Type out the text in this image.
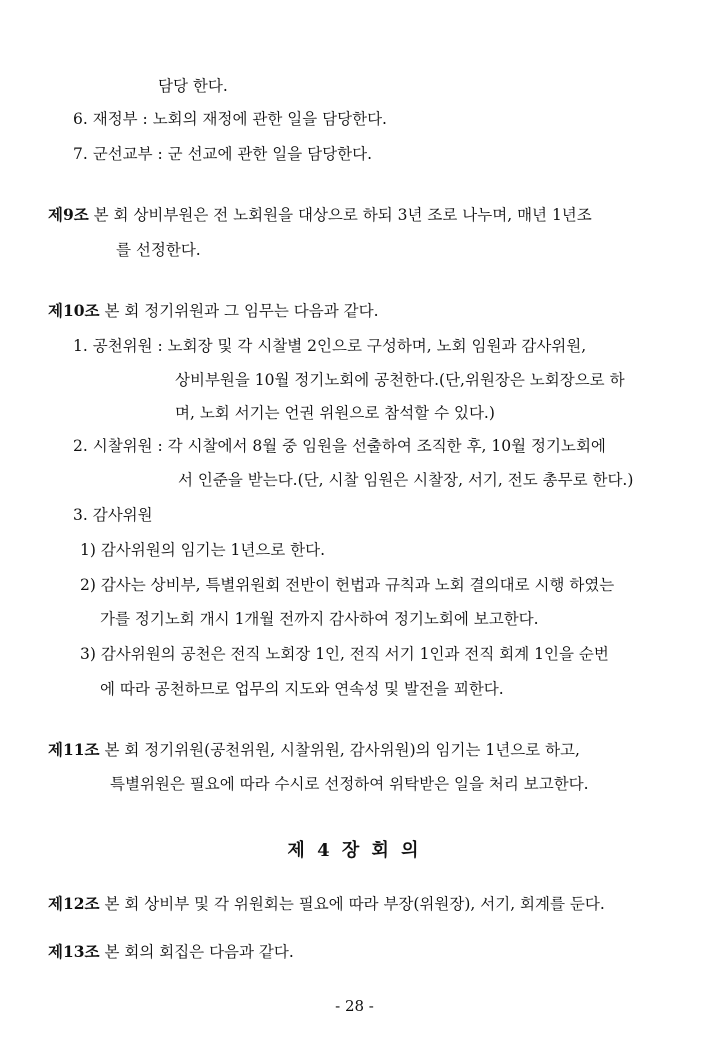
담당 한다.
6. 재정부 : 노회의 재정에 관한 일을 담당한다.
7. 군선교부 : 군 선교에 관한 일을 담당한다.
제9조 본 회 상비부원은 전 노회원을 대상으로 하되 3년 조로 나누며, 매년 1년조
를 선정한다.
제10조 본 회 정기위원과 그 임무는 다음과 같다.
1. 공천위원 : 노회장 및 각 시찰별 2인으로 구성하며, 노회 임원과 감사위원,
상비부원을 10월 정기노회에 공천한다.(단,위원장은 노회장으로 하
며, 노회 서기는 언권 위원으로 참석할 수 있다.)
2. 시찰위원 : 각 시찰에서 8월 중 임원을 선출하여 조직한 후, 10월 정기노회에
서 인준을 받는다.(단, 시찰 임원은 시찰장, 서기, 전도 총무로 한다.)
3. 감사위원
1) 감사위원의 임기는 1년으로 한다.
2) 감사는 상비부, 특별위원회 전반이 헌법과 규칙과 노회 결의대로 시행 하였는
가를 정기노회 개시 1개월 전까지 감사하여 정기노회에 보고한다.
3) 감사위원의 공천은 전직 노회장 1인, 전직 서기 1인과 전직 회계 1인을 순번
에 따라 공천하므로 업무의 지도와 연속성 및 발전을 꾀한다.
제11조 본 회 정기위원(공천위원, 시찰위원, 감사위원)의 임기는 1년으로 하고,
특별위원은 필요에 따라 수시로 선정하여 위탁받은 일을 처리 보고한다.
제 4 장 회 의
제12조 본 회 상비부 및 각 위원회는 필요에 따라 부장(위원장), 서기, 회계를 둔다.
제13조 본 회의 회집은 다음과 같다.
- 28 -
